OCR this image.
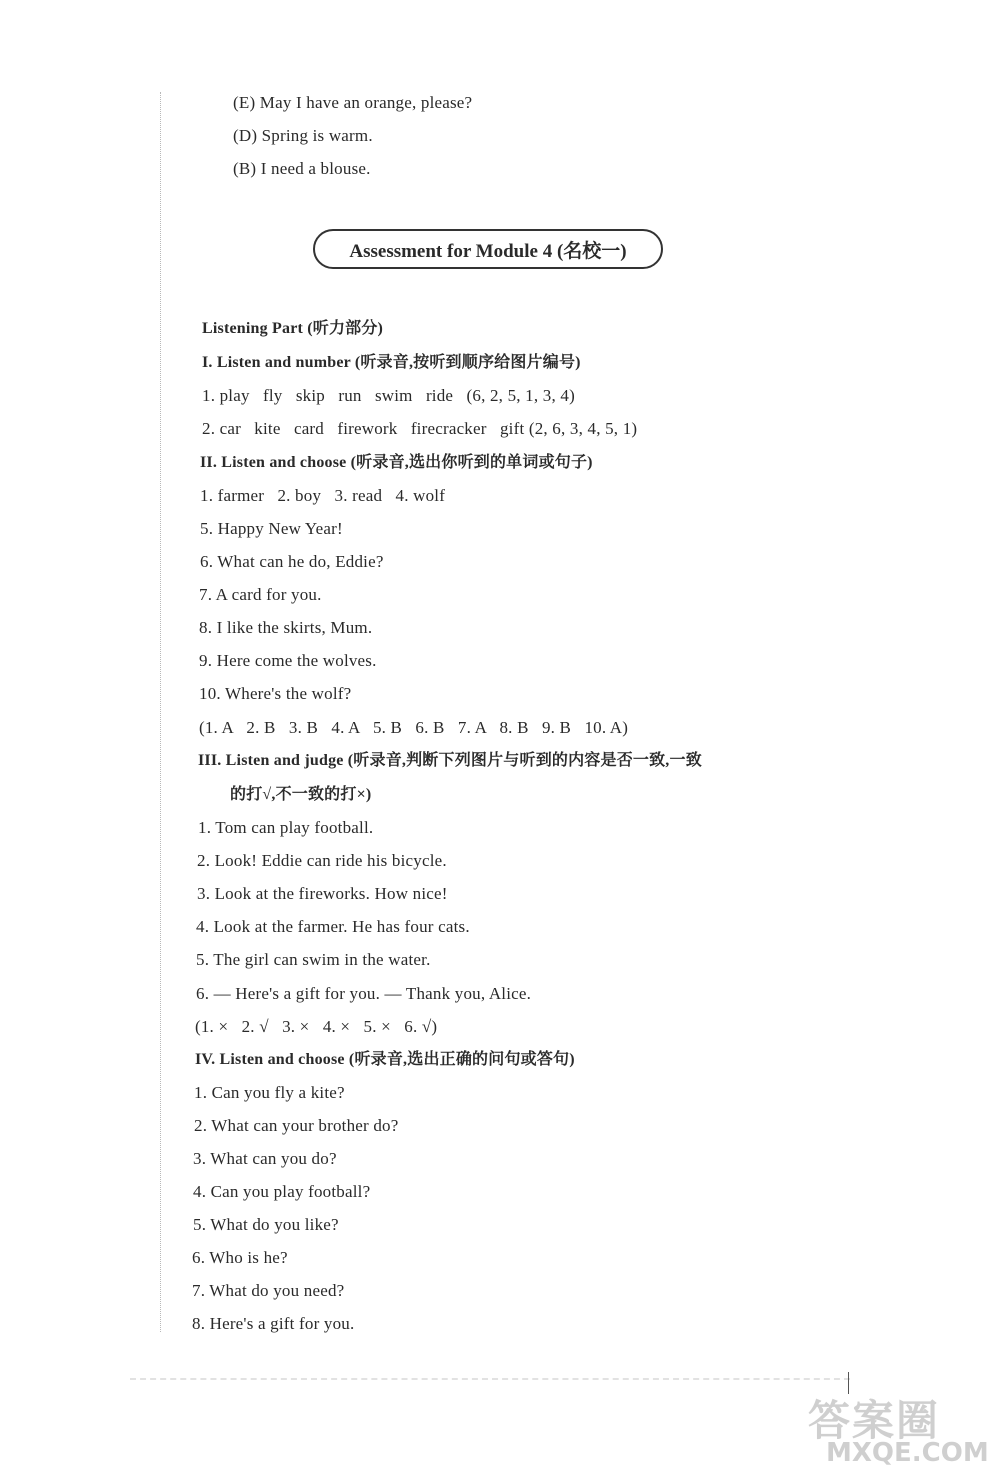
(E) May I have an orange, please?
(D) Spring is warm.
(B) I need a blouse.
Assessment for Module 4 (名校一)
Listening Part (听力部分)
I. Listen and number (听录音,按听到顺序给图片编号)
1. play   fly   skip   run   swim   ride   (6, 2, 5, 1, 3, 4)
2. car   kite   card   firework   firecracker   gift (2, 6, 3, 4, 5, 1)
II. Listen and choose (听录音,选出你听到的单词或句子)
1. farmer   2. boy   3. read   4. wolf
5. Happy New Year!
6. What can he do, Eddie?
7. A card for you.
8. I like the skirts, Mum.
9. Here come the wolves.
10. Where's the wolf?
(1. A   2. B   3. B   4. A   5. B   6. B   7. A   8. B   9. B   10. A)
III. Listen and judge (听录音,判断下列图片与听到的内容是否一致,一致
的打√,不一致的打×)
1. Tom can play football.
2. Look! Eddie can ride his bicycle.
3. Look at the fireworks. How nice!
4. Look at the farmer. He has four cats.
5. The girl can swim in the water.
6. — Here's a gift for you. — Thank you, Alice.
(1. ×   2. √   3. ×   4. ×   5. ×   6. √)
IV. Listen and choose (听录音,选出正确的问句或答句)
1. Can you fly a kite?
2. What can your brother do?
3. What can you do?
4. Can you play football?
5. What do you like?
6. Who is he?
7. What do you need?
8. Here's a gift for you.
答案圈
MXQE.COM
